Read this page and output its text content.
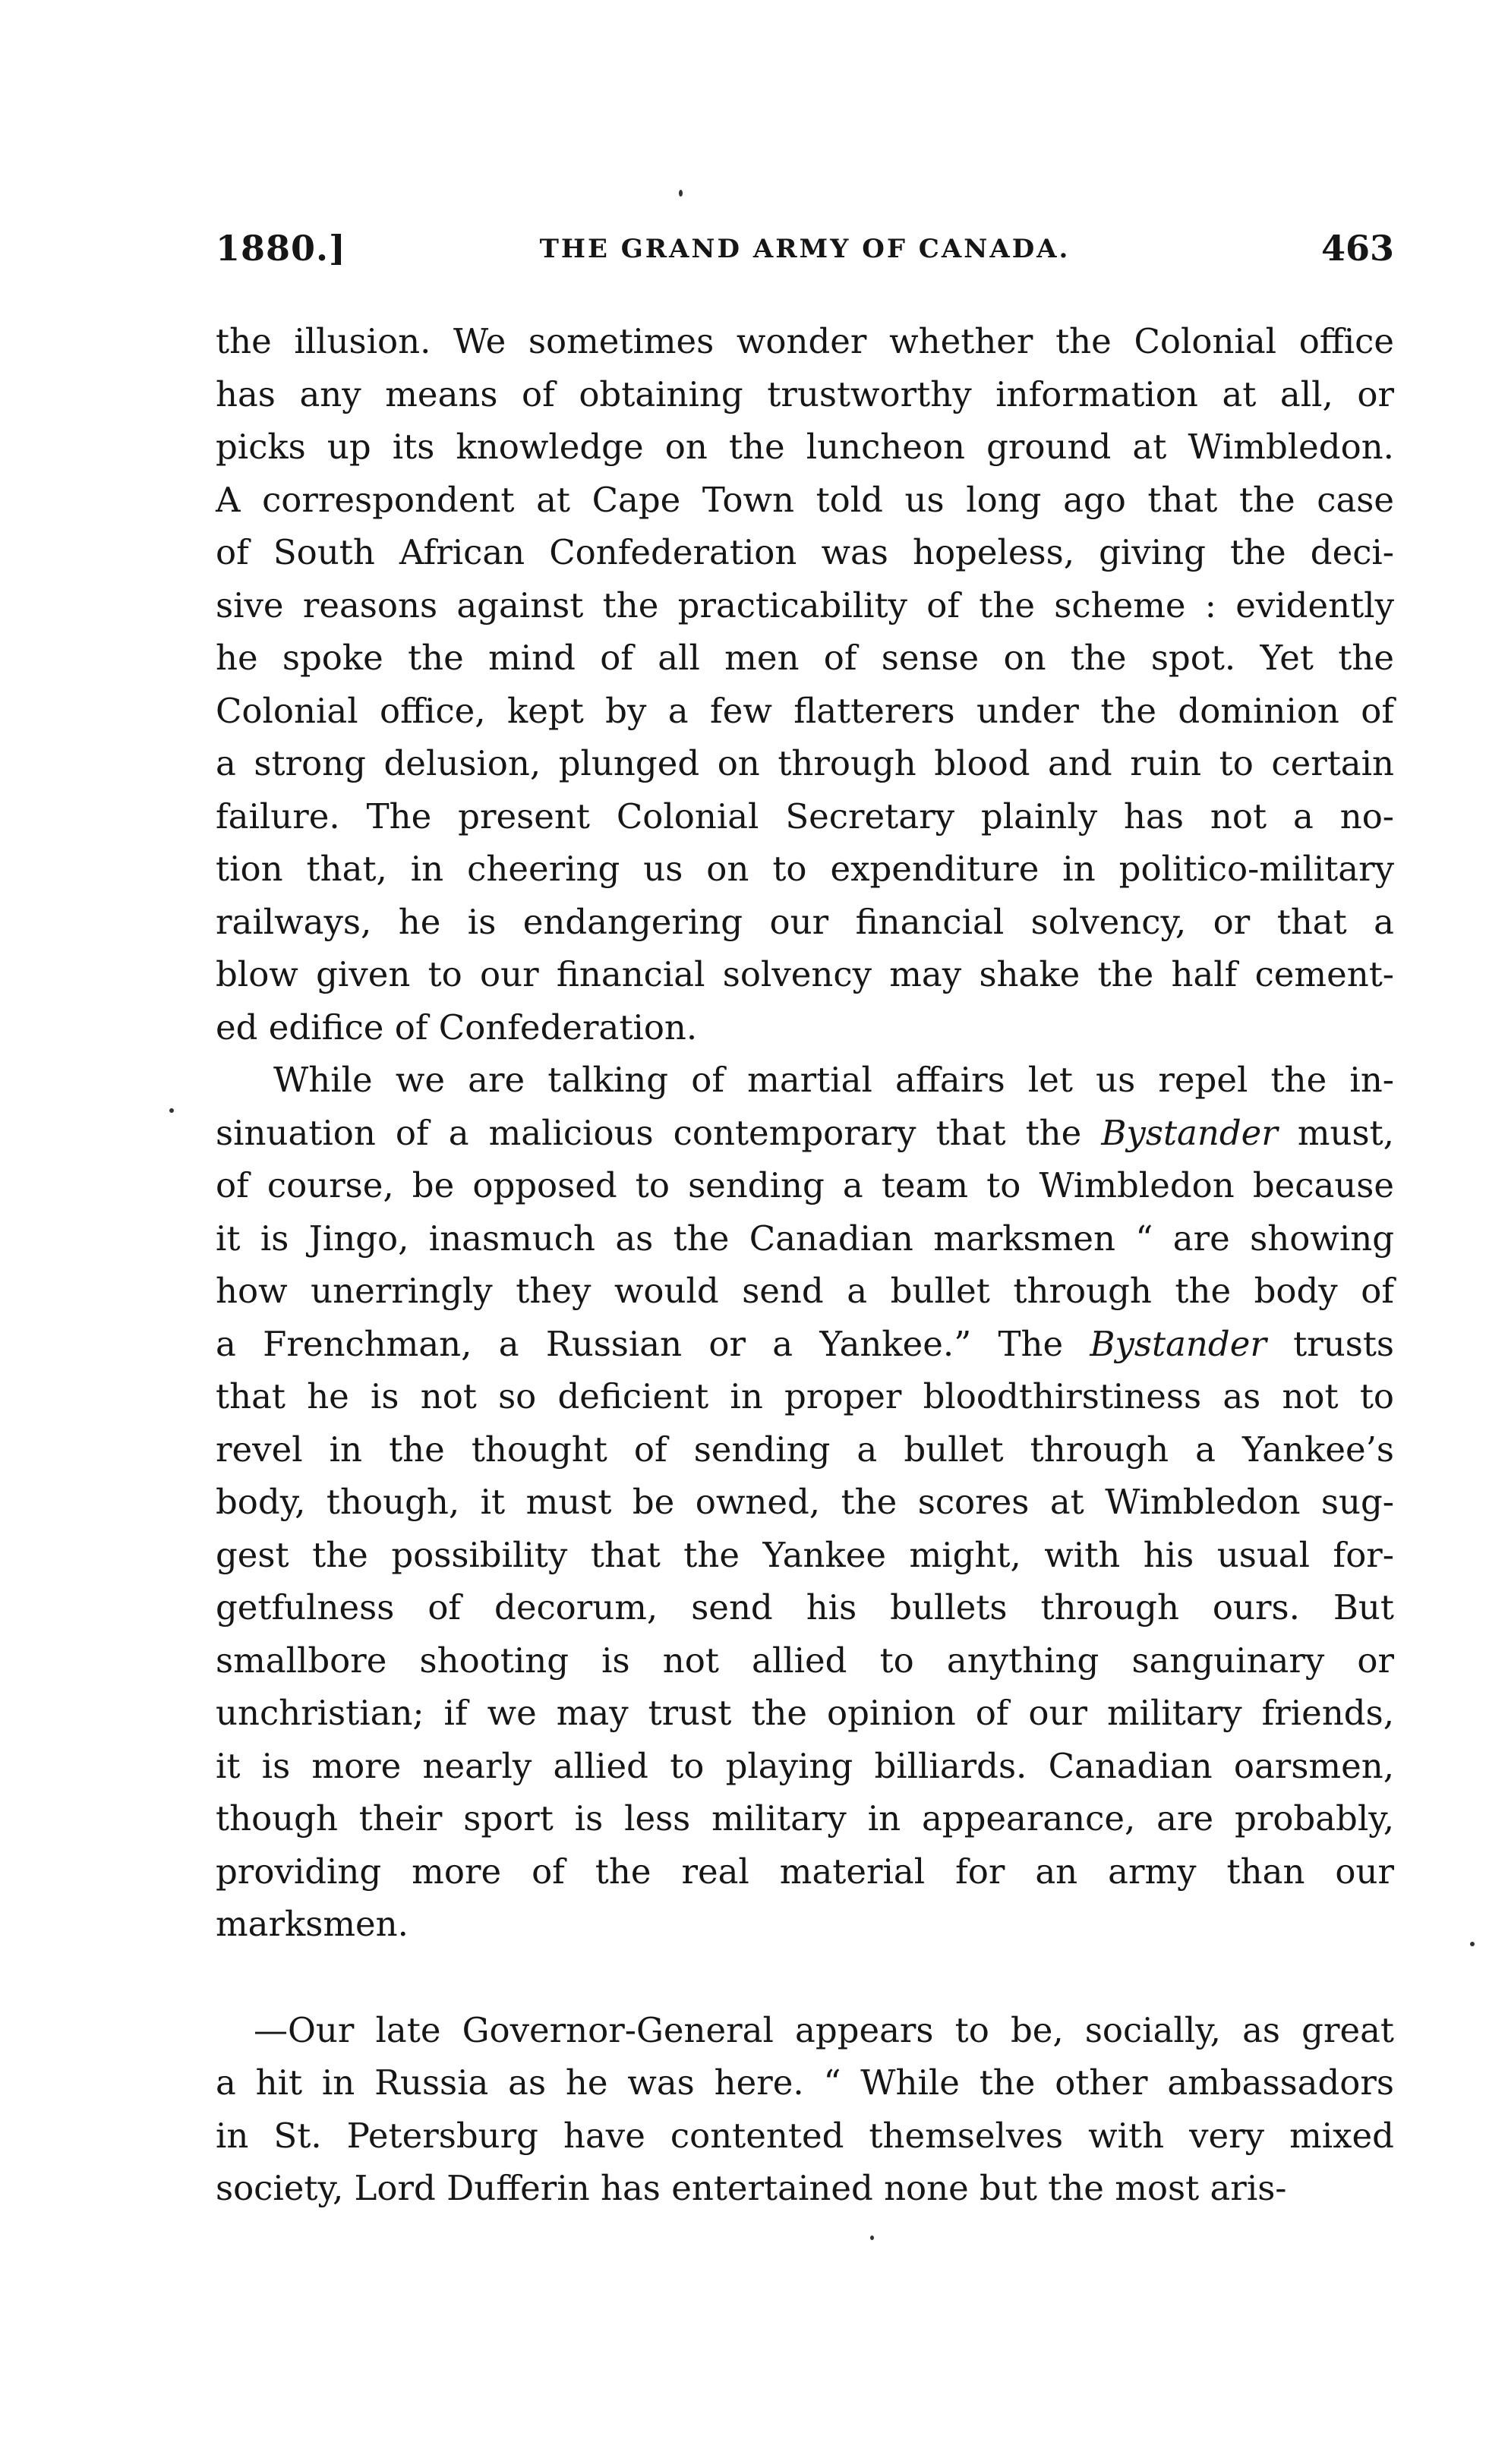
1880.]	THE GRAND ARMY OF CANADA.	463
the illusion. We sometimes wonder whether the Colonial office
has any means of obtaining trustworthy information at all, or
picks up its knowledge on the luncheon ground at Wimbledon.
A correspondent at Cape Town told us long ago that the case
of South African Confederation was hopeless, giving the deci-
sive reasons against the practicability of the scheme : evidently
he spoke the mind of all men of sense on the spot. Yet the
Colonial office, kept by a few flatterers under the dominion of
a strong delusion, plunged on through blood and ruin to certain
failure. The present Colonial Secretary plainly has not a no-
tion that, in cheering us on to expenditure in politico-military
railways, he is endangering our financial solvency, or that a
blow given to our financial solvency may shake the half cement-
ed edifice of Confederation.
While we are talking of martial affairs let us repel the in-
sinuation of a malicious contemporary that the Bystander must,
of course, be opposed to sending a team to Wimbledon because
it is Jingo, inasmuch as the Canadian marksmen “ are showing
how unerringly they would send a bullet through the body of
a Frenchman, a Russian or a Yankee.” The Bystander trusts
that he is not so deficient in proper bloodthirstiness as not to
revel in the thought of sending a bullet through a Yankee’s
body, though, it must be owned, the scores at Wimbledon sug-
gest the possibility that the Yankee might, with his usual for-
getfulness of decorum, send his bullets through ours. But
smallbore shooting is not allied to anything sanguinary or
unchristian; if we may trust the opinion of our military friends,
it is more nearly allied to playing billiards. Canadian oarsmen,
though their sport is less military in appearance, are probably,
providing more of the real material for an army than our
marksmen.
—Our late Governor-General appears to be, socially, as great
a hit in Russia as he was here. “ While the other ambassadors
in St. Petersburg have contented themselves with very mixed
society, Lord Dufferin has entertained none but the most aris-
